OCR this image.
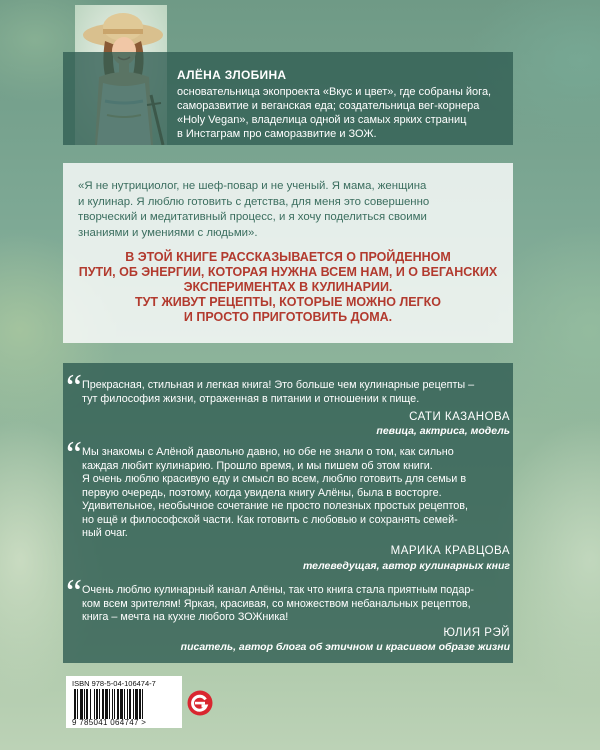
АЛЁНА ЗЛОБИНА
основательница экопроекта «Вкус и цвет», где собраны йога,
саморазвитие и веганская еда; создательница вег-корнера
«Holy Vegan», владелица одной из самых ярких страниц
в Инстаграм про саморазвитие и ЗОЖ.
«Я не нутрициолог, не шеф-повар и не ученый. Я мама, женщина
и кулинар. Я люблю готовить с детства, для меня это совершенно
творческий и медитативный процесс, и я хочу поделиться своими
знаниями и умениями с людьми».
В ЭТОЙ КНИГЕ РАССКАЗЫВАЕТСЯ О ПРОЙДЕННОМ
ПУТИ, ОБ ЭНЕРГИИ, КОТОРАЯ НУЖНА ВСЕМ НАМ, И О ВЕГАНСКИХ
ЭКСПЕРИМЕНТАХ В КУЛИНАРИИ.
ТУТ ЖИВУТ РЕЦЕПТЫ, КОТОРЫЕ МОЖНО ЛЕГКО
И ПРОСТО ПРИГОТОВИТЬ ДОМА.
“ Прекрасная, стильная и легкая книга! Это больше чем кулинарные рецепты –
тут философия жизни, отраженная в питании и отношении к пище.
САТИ КАЗАНОВА
певица, актриса, модель
“ Мы знакомы с Алёной давольно давно, но обе не знали о том, как сильно
каждая любит кулинарию. Прошло время, и мы пишем об этом книги.
Я очень люблю красивую еду и смысл во всем, люблю готовить для семьи в
первую очередь, поэтому, когда увидела книгу Алёны, была в восторге.
Удивительное, необычное сочетание не просто полезных простых рецептов,
но ещё и философской части. Как готовить с любовью и сохранять семей-
ный очаг.
МАРИКА КРАВЦОВА
телеведущая, автор кулинарных книг
“ Очень люблю кулинарный канал Алёны, так что книга стала приятным подар-
ком всем зрителям! Яркая, красивая, со множеством небанальных рецептов,
книга – мечта на кухне любого ЗОЖника!
ЮЛИЯ РЭЙ
писатель, автор блога об этичном и красивом образе жизни
ISBN 978-5-04-106474-7
9 785041 064747 >
